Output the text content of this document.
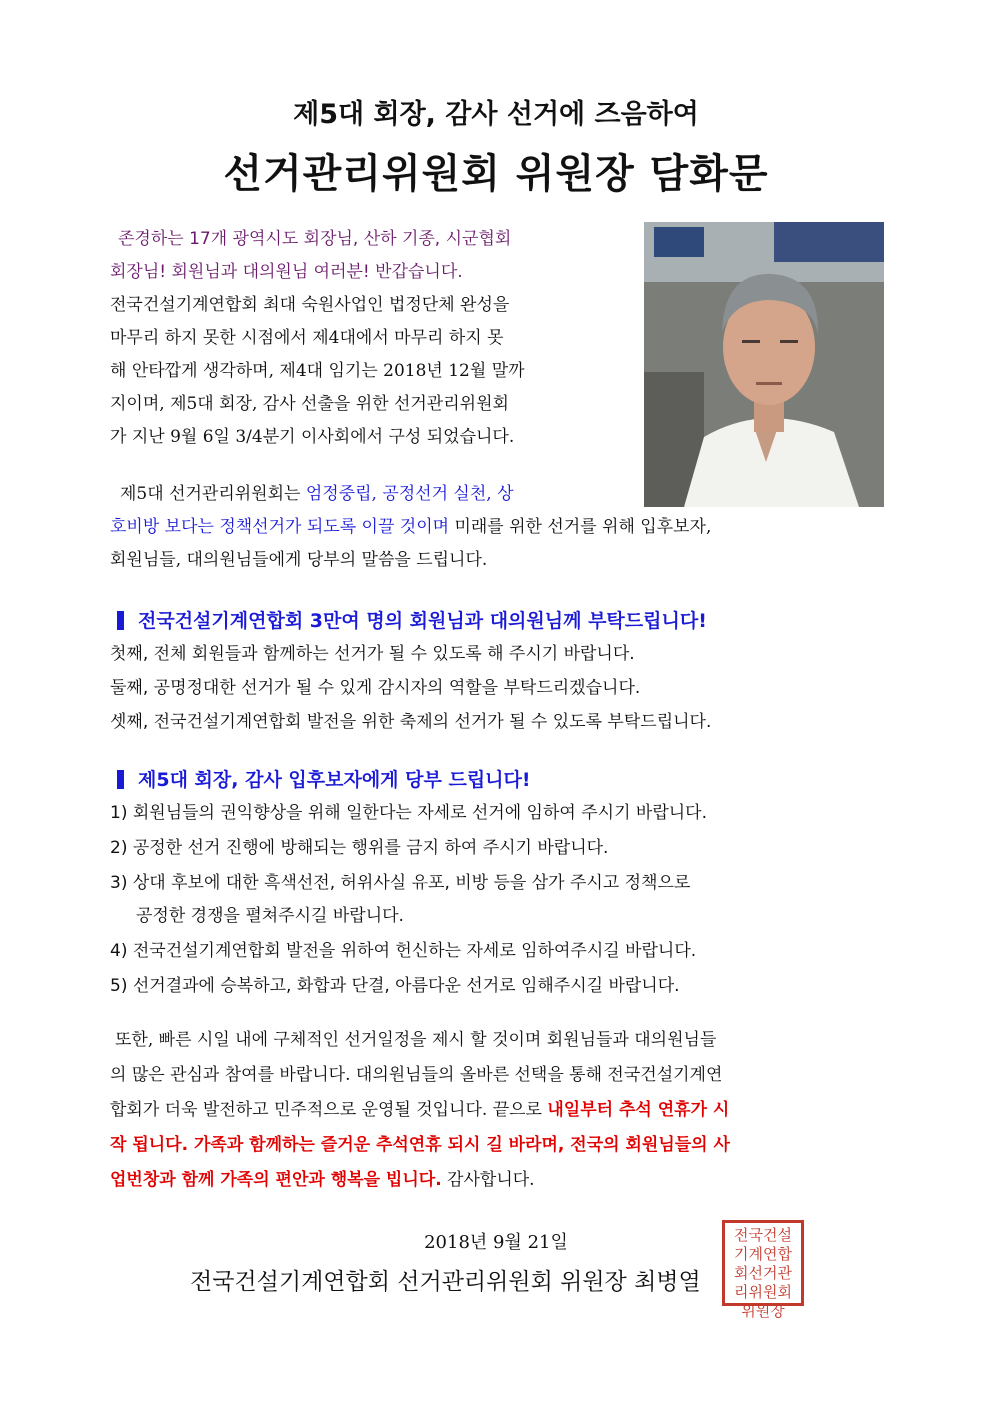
제5대 회장, 감사 선거에 즈음하여
선거관리위원회 위원장 담화문
존경하는 17개 광역시도 회장님, 산하 기종, 시군협회
회장님! 회원님과 대의원님 여러분! 반갑습니다.
전국건설기계연합회 최대 숙원사업인 법정단체 완성을
마무리 하지 못한 시점에서 제4대에서 마무리 하지 못
해 안타깝게 생각하며, 제4대 임기는 2018년 12월 말까
지이며, 제5대 회장, 감사 선출을 위한 선거관리위원회
가 지난 9월 6일 3/4분기 이사회에서 구성 되었습니다.
제5대 선거관리위원회는 엄정중립, 공정선거 실천, 상
호비방 보다는 정책선거가 되도록 이끌 것이며 미래를 위한 선거를 위해 입후보자,
회원님들, 대의원님들에게 당부의 말씀을 드립니다.
전국건설기계연합회 3만여 명의 회원님과 대의원님께 부탁드립니다!
첫째, 전체 회원들과 함께하는 선거가 될 수 있도록 해 주시기 바랍니다.
둘째, 공명정대한 선거가 될 수 있게 감시자의 역할을 부탁드리겠습니다.
셋째, 전국건설기계연합회 발전을 위한 축제의 선거가 될 수 있도록 부탁드립니다.
제5대 회장, 감사 입후보자에게 당부 드립니다!
1) 회원님들의 권익향상을 위해 일한다는 자세로 선거에 임하여 주시기 바랍니다.
2) 공정한 선거 진행에 방해되는 행위를 금지 하여 주시기 바랍니다.
3) 상대 후보에 대한 흑색선전, 허위사실 유포, 비방 등을 삼가 주시고 정책으로
공정한 경쟁을 펼쳐주시길 바랍니다.
4) 전국건설기계연합회 발전을 위하여 헌신하는 자세로 임하여주시길 바랍니다.
5) 선거결과에 승복하고, 화합과 단결, 아름다운 선거로 임해주시길 바랍니다.
또한, 빠른 시일 내에 구체적인 선거일정을 제시 할 것이며 회원님들과 대의원님들
의 많은 관심과 참여를 바랍니다. 대의원님들의 올바른 선택을 통해 전국건설기계연
합회가 더욱 발전하고 민주적으로 운영될 것입니다. 끝으로 내일부터 추석 연휴가 시
작 됩니다. 가족과 함께하는 즐거운 추석연휴 되시 길 바라며, 전국의 회원님들의 사
업번창과 함께 가족의 편안과 행복을 빕니다. 감사합니다.
2018년 9월 21일
전국건설기계연합회 선거관리위원회 위원장 최병열
전국건설기계연합회선거관리위원회위원장
